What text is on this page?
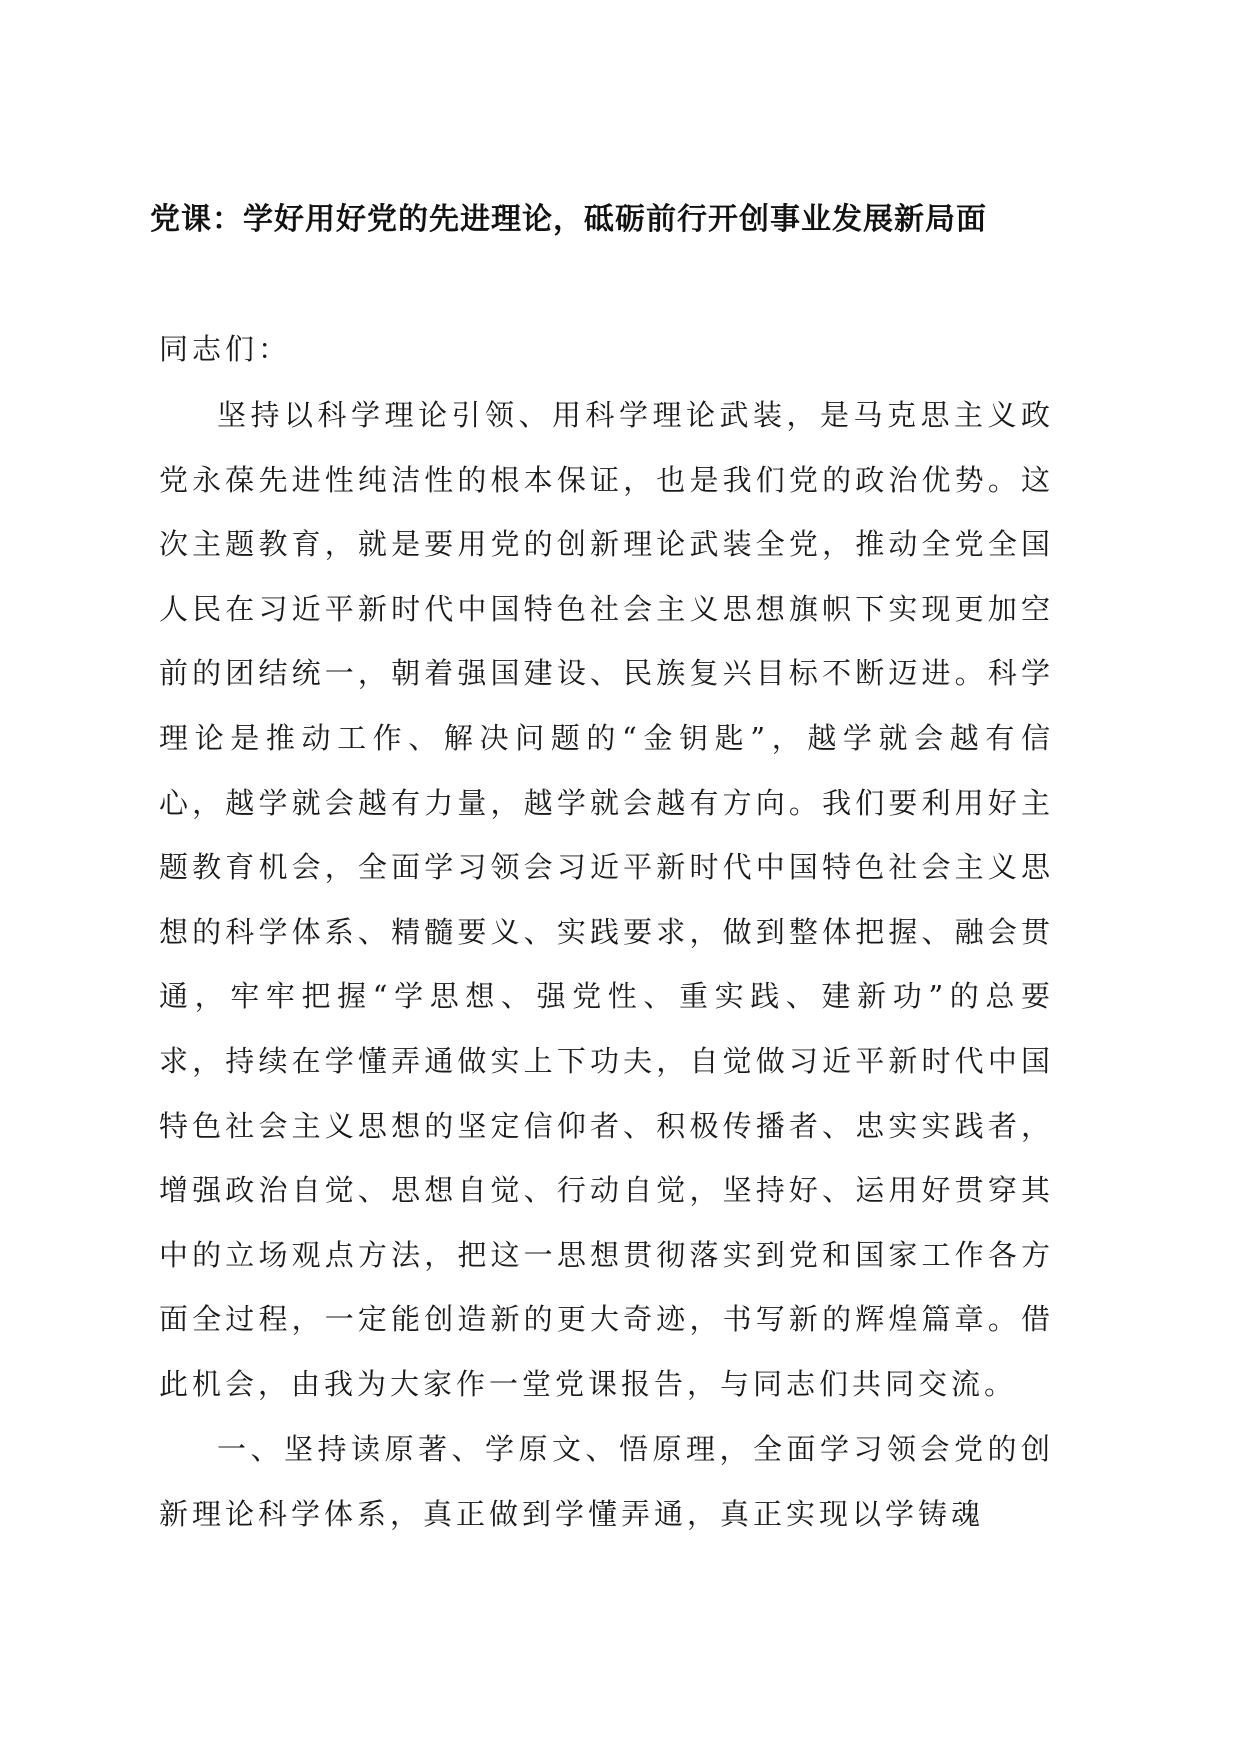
党课：学好用好党的先进理论，砥砺前行开创事业发展新局面
同志们：

坚持以科学理论引领、用科学理论武装，是马克思主义政党永葆先进性纯洁性的根本保证，也是我们党的政治优势。这次主题教育，就是要用党的创新理论武装全党，推动全党全国人民在习近平新时代中国特色社会主义思想旗帜下实现更加空前的团结统一，朝着强国建设、民族复兴目标不断迈进。科学理论是推动工作、解决问题的“金钥匙”，越学就会越有信心，越学就会越有力量，越学就会越有方向。我们要利用好主题教育机会，全面学习领会习近平新时代中国特色社会主义思想的科学体系、精髓要义、实践要求，做到整体把握、融会贯通，牢牢把握“学思想、强党性、重实践、建新功”的总要求，持续在学懂弄通做实上下功夫，自觉做习近平新时代中国特色社会主义思想的坚定信仰者、积极传播者、忠实实践者，增强政治自觉、思想自觉、行动自觉，坚持好、运用好贯穿其中的立场观点方法，把这一思想贯彻落实到党和国家工作各方面全过程，一定能创造新的更大奇迹，书写新的辉煌篇章。借此机会，由我为大家作一堂党课报告，与同志们共同交流。

一、坚持读原著、学原文、悟原理，全面学习领会党的创新理论科学体系，真正做到学懂弄通，真正实现以学铸魂
